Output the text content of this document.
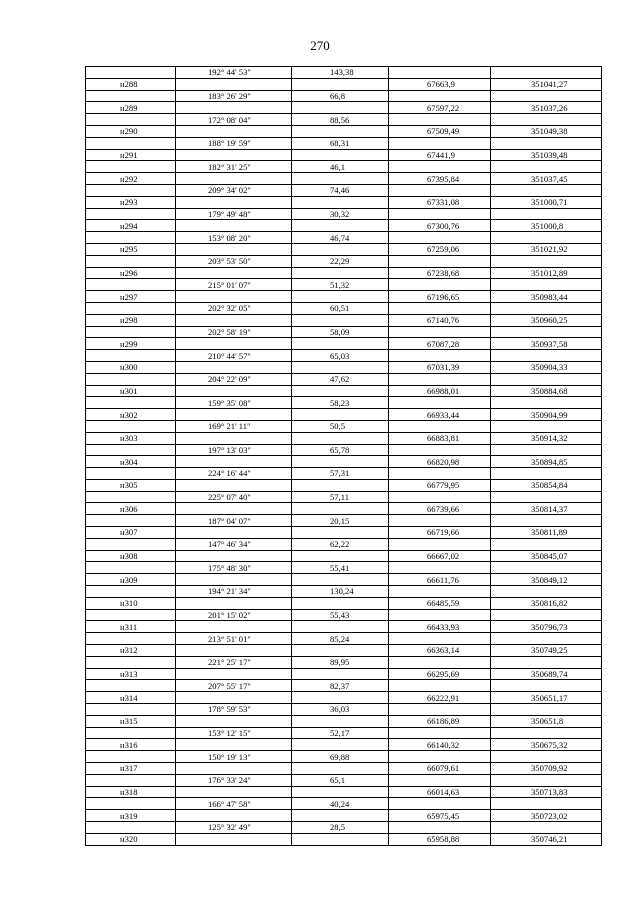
270
	192° 44' 53"	143,38		
н288			67663,9	351041,27
	183° 26' 29"	66,8		
н289			67597,22	351037,26
	172° 08' 04"	88,56		
н290			67509,49	351049,38
	188° 19' 59"	68,31		
н291			67441,9	351039,48
	182° 31' 25"	46,1		
н292			67395,84	351037,45
	209° 34' 02"	74,46		
н293			67331,08	351000,71
	179° 49' 48"	30,32		
н294			67300,76	351000,8
	153° 08' 20"	46,74		
н295			67259,06	351021,92
	203° 53' 50"	22,29		
н296			67238,68	351012,89
	215° 01' 07"	51,32		
н297			67196,65	350983,44
	202° 32' 05"	60,51		
н298			67140,76	350960,25
	202° 58' 19"	58,09		
н299			67087,28	350937,58
	210° 44' 57"	65,03		
н300			67031,39	350904,33
	204° 22' 09"	47,62		
н301			66988,01	350884,68
	159° 35' 08"	58,23		
н302			66933,44	350904,99
	169° 21' 11"	50,5		
н303			66883,81	350914,32
	197° 13' 03"	65,78		
н304			66820,98	350894,85
	224° 16' 44"	57,31		
н305			66779,95	350854,84
	225° 07' 40"	57,11		
н306			66739,66	350814,37
	187° 04' 07"	20,15		
н307			66719,66	350811,89
	147° 46' 34"	62,22		
н308			66667,02	350845,07
	175° 48' 30"	55,41		
н309			66611,76	350849,12
	194° 21' 34"	130,24		
н310			66485,59	350816,82
	201° 15' 02"	55,43		
н311			66433,93	350796,73
	213° 51' 01"	85,24		
н312			66363,14	350749,25
	221° 25' 17"	89,95		
н313			66295,69	350689,74
	207° 55' 17"	82,37		
н314			66222,91	350651,17
	178° 59' 53"	36,03		
н315			66186,89	350651,8
	153° 12' 15"	52,17		
н316			66140,32	350675,32
	150° 19' 13"	69,88		
н317			66079,61	350709,92
	176° 33' 24"	65,1		
н318			66014,63	350713,83
	166° 47' 58"	40,24		
н319			65975,45	350723,02
	125° 32' 49"	28,5		
н320			65958,88	350746,21
